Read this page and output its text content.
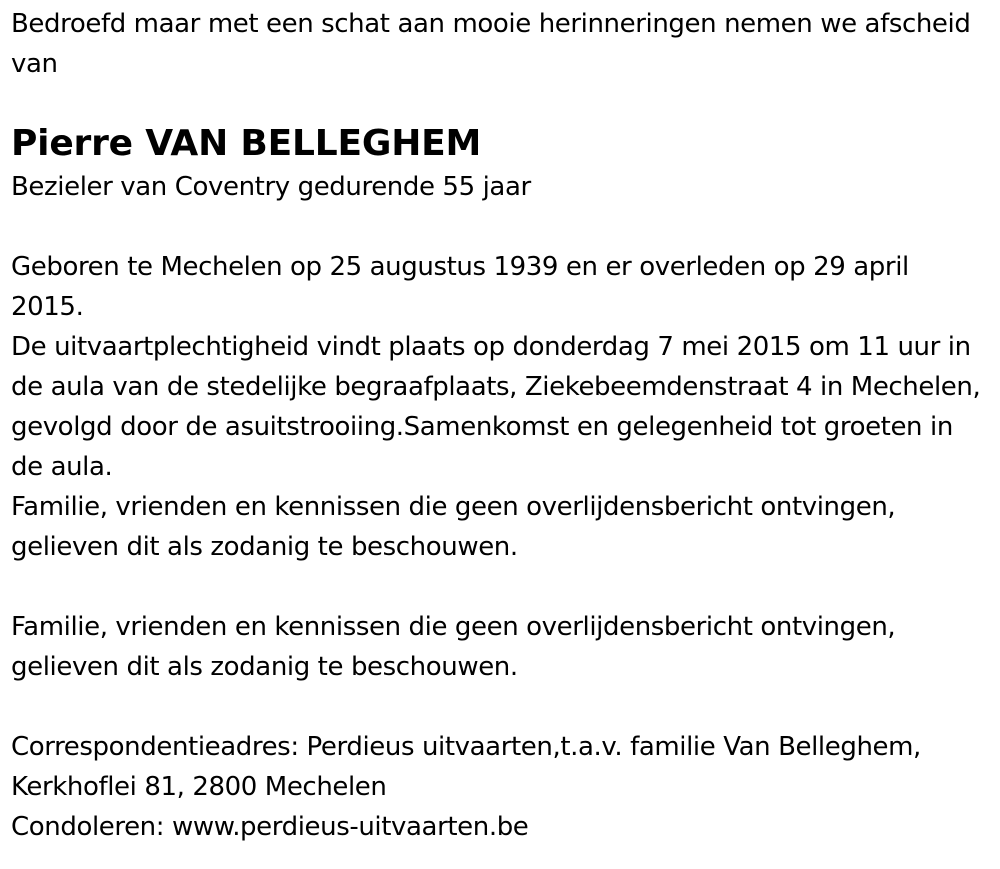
Bedroefd maar met een schat aan mooie herinneringen nemen we afscheid van

Pierre VAN BELLEGHEM

Bezieler van Coventry gedurende 55 jaar

Geboren te Mechelen op 25 augustus 1939 en er overleden op 29 april 2015.

De uitvaartplechtigheid vindt plaats op donderdag 7 mei 2015 om 11 uur in de aula van de stedelijke begraafplaats, Ziekebeemdenstraat 4 in Mechelen, gevolgd door de asuitstrooiing.Samenkomst en gelegenheid tot groeten in de aula.

Familie, vrienden en kennissen die geen overlijdensbericht ontvingen, gelieven dit als zodanig te beschouwen.

Familie, vrienden en kennissen die geen overlijdensbericht ontvingen, gelieven dit als zodanig te beschouwen.

Correspondentieadres: Perdieus uitvaarten,t.a.v. familie Van Belleghem,

Kerkhoflei 81, 2800 Mechelen

Condoleren: www.perdieus-uitvaarten.be
